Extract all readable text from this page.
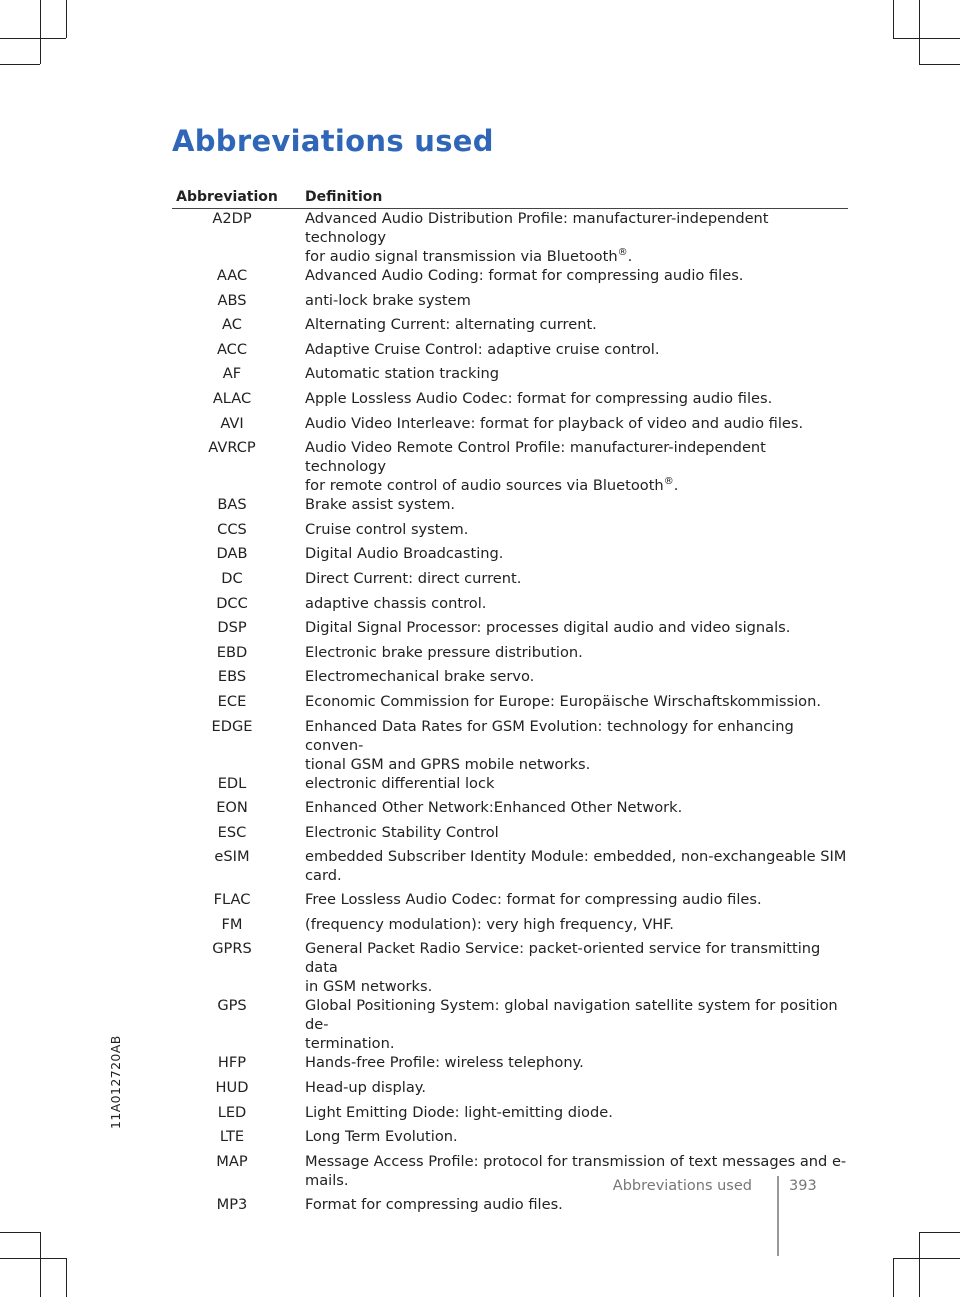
Abbreviations used
Abbreviation Definition
A2DP	Advanced Audio Distribution Profile: manufacturer-independent technology
for audio signal transmission via Bluetooth®.
AAC	Advanced Audio Coding: format for compressing audio files.
ABS	anti-lock brake system
AC	Alternating Current: alternating current.
ACC	Adaptive Cruise Control: adaptive cruise control.
AF	Automatic station tracking
ALAC	Apple Lossless Audio Codec: format for compressing audio files.
AVI	Audio Video Interleave: format for playback of video and audio files.
AVRCP	Audio Video Remote Control Profile: manufacturer-independent technology
for remote control of audio sources via Bluetooth®.
BAS	Brake assist system.
CCS	Cruise control system.
DAB	Digital Audio Broadcasting.
DC	Direct Current: direct current.
DCC	adaptive chassis control.
DSP	Digital Signal Processor: processes digital audio and video signals.
EBD	Electronic brake pressure distribution.
EBS	Electromechanical brake servo.
ECE	Economic Commission for Europe: Europäische Wirschaftskommission.
EDGE	Enhanced Data Rates for GSM Evolution: technology for enhancing conven-
tional GSM and GPRS mobile networks.
EDL	electronic differential lock
EON	Enhanced Other Network:Enhanced Other Network.
ESC	Electronic Stability Control
eSIM	embedded Subscriber Identity Module: embedded, non-exchangeable SIM
card.
FLAC	Free Lossless Audio Codec: format for compressing audio files.
FM	(frequency modulation): very high frequency, VHF.
GPRS	General Packet Radio Service: packet-oriented service for transmitting data
in GSM networks.
GPS	Global Positioning System: global navigation satellite system for position de-
termination.
HFP	Hands-free Profile: wireless telephony.
HUD	Head-up display.
LED	Light Emitting Diode: light-emitting diode.
LTE	Long Term Evolution.
MAP	Message Access Profile: protocol for transmission of text messages and e-
mails.
MP3	Format for compressing audio files.
11A012720AB
Abbreviations used	393
